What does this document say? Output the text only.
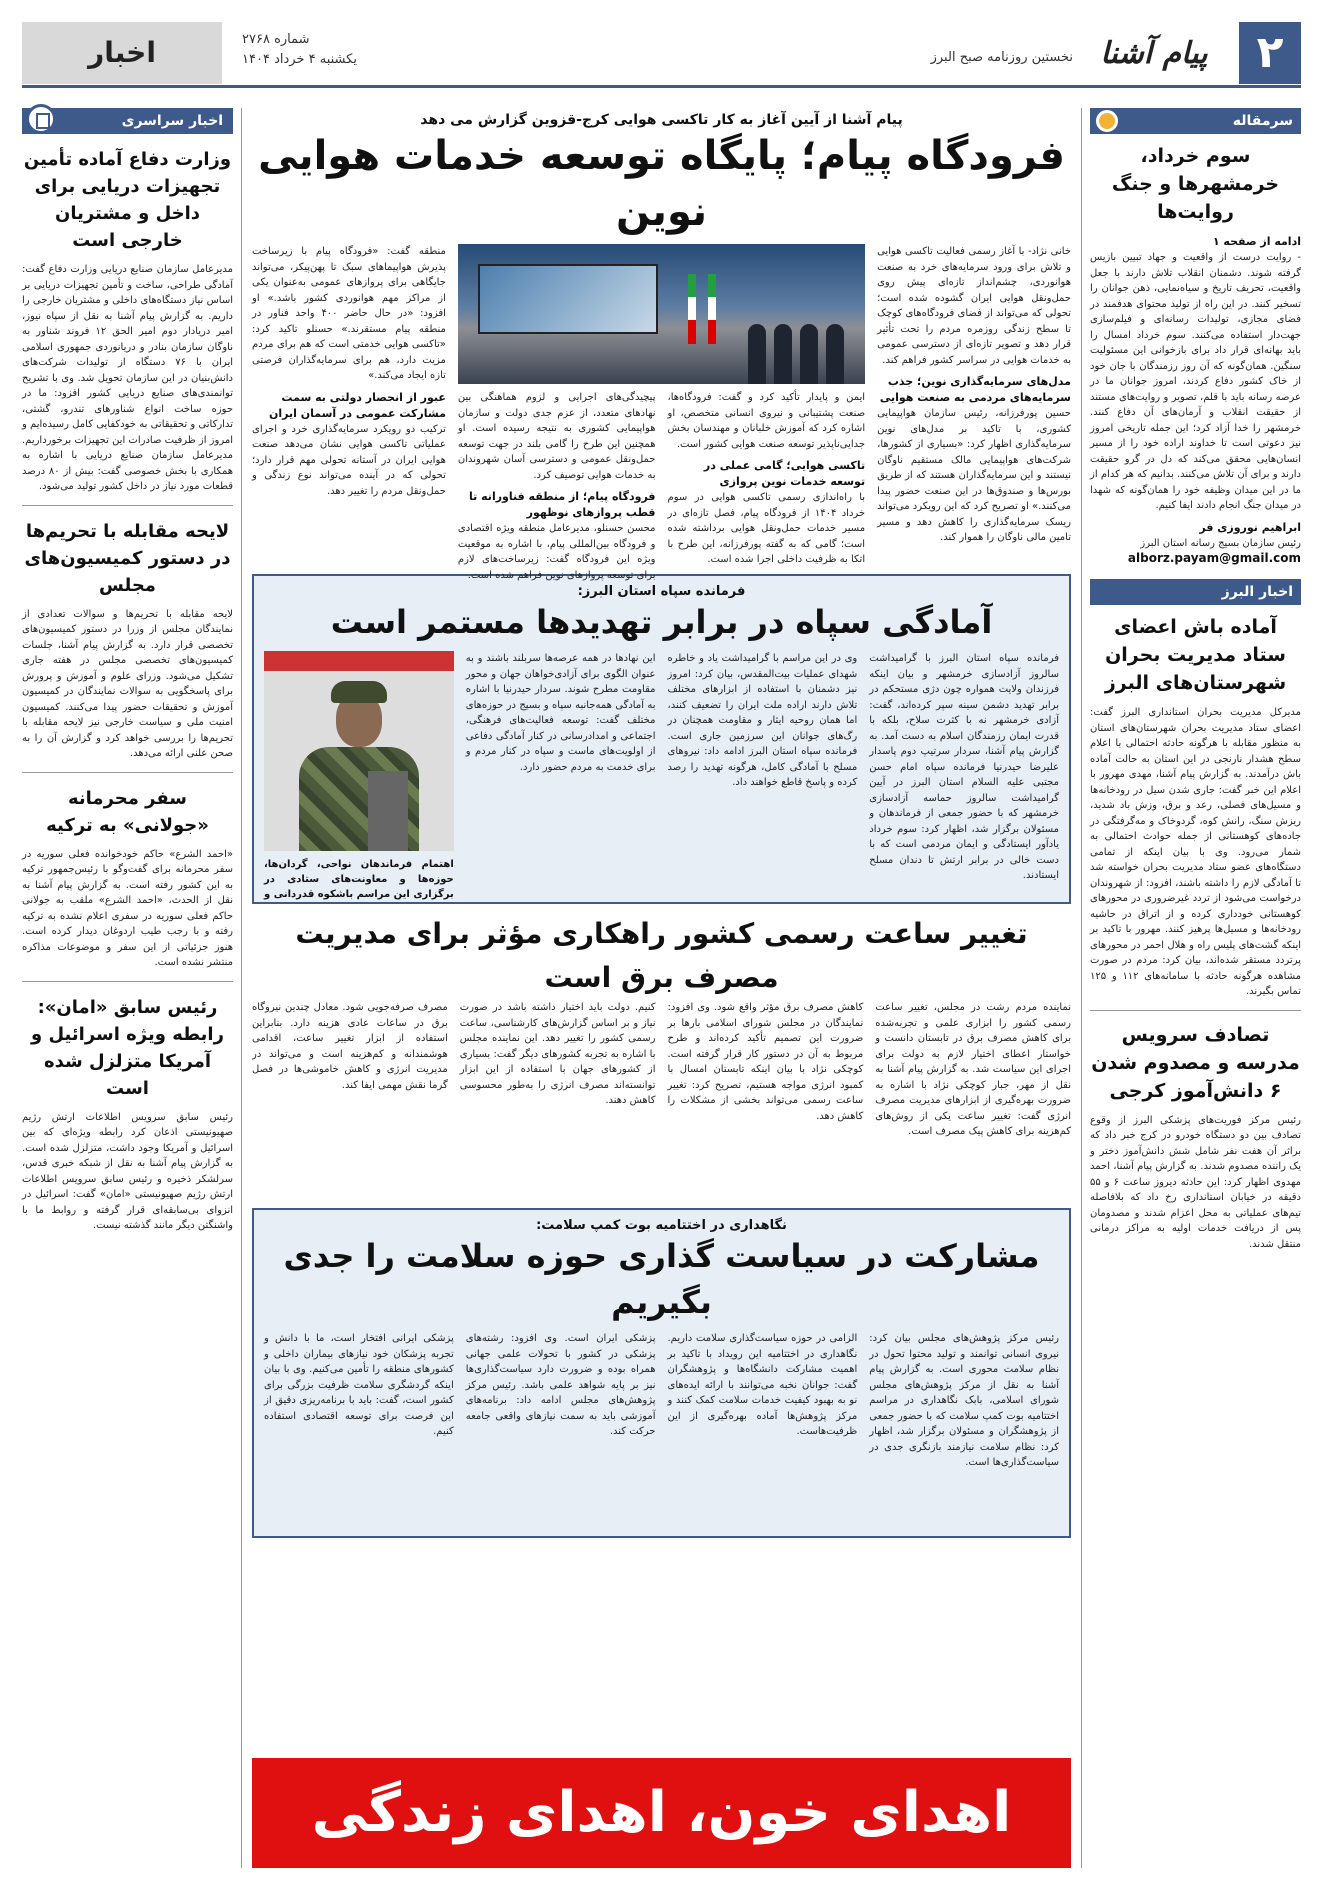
۲
پیام آشنا
نخستین روزنامه صبح البرز
شماره ۲۷۶۸
یکشنبه ۴ خرداد ۱۴۰۴
اخبار
سرمقاله
سوم خرداد، خرمشهرها و جنگ روایت‌ها
ادامه از صفحه ۱
- روایت درست از واقعیت و جهاد تبیین بازیس گرفته شوند. دشمنان انقلاب تلاش دارند با جعل واقعیت، تحریف تاریخ و سیاه‌نمایی، ذهن جوانان را تسخیر کنند. در این راه از تولید محتوای هدفمند در فضای مجازی، تولیدات رسانه‌ای و فیلم‌سازی جهت‌دار استفاده می‌کنند. سوم خرداد امسال را باید بهانه‌ای قرار داد برای بازخوانی این مسئولیت سنگین. همان‌گونه که آن روز رزمندگان با جان خود از خاک کشور دفاع کردند، امروز جوانان ما در عرصه رسانه باید با قلم، تصویر و روایت‌های مستند از حقیقت انقلاب و آرمان‌های آن دفاع کنند. خرمشهر را خدا آزاد کرد؛ این جمله تاریخی امروز نیز دعوتی است تا خداوند اراده خود را از مسیر انسان‌هایی محقق می‌کند که دل در گرو حقیقت دارند و برای آن تلاش می‌کنند. بدانیم که هر کدام از ما در این میدان وظیفه خود را همان‌گونه که شهدا در میدان جنگ انجام دادند ایفا کنیم.
ابراهیم نوروزی فر
رئیس سازمان بسیج رسانه استان البرز
alborz.payam@gmail.com
اخبار البرز
آماده باش اعضای ستاد مدیریت بحران شهرستان‌های البرز
مدیرکل مدیریت بحران استانداری البرز گفت: اعضای ستاد مدیریت بحران شهرستان‌های استان به منظور مقابله با هرگونه حادثه احتمالی با اعلام سطح هشدار نارنجی در این استان به حالت آماده باش درآمدند. به گزارش پیام آشنا، مهدی مهرور با اعلام این خبر گفت: جاری شدن سیل در رودخانه‌ها و مسیل‌های فصلی، رعد و برق، وزش باد شدید، ریزش سنگ، رانش کوه، گردوخاک و مه‌گرفتگی در جاده‌های کوهستانی از جمله حوادث احتمالی به شمار می‌رود. وی با بیان اینکه از تمامی دستگاه‌های عضو ستاد مدیریت بحران خواسته شد تا آمادگی لازم را داشته باشند، افزود: از شهروندان درخواست می‌شود از تردد غیرضروری در محورهای کوهستانی خودداری کرده و از اتراق در حاشیه رودخانه‌ها و مسیل‌ها پرهیز کنند. مهرور با تاکید بر اینکه گشت‌های پلیس راه و هلال احمر در محورهای پرتردد مستقر شده‌اند، بیان کرد: مردم در صورت مشاهده هرگونه حادثه با سامانه‌های ۱۱۲ و ۱۲۵ تماس بگیرند.
تصادف سرویس مدرسه و مصدوم شدن ۶ دانش‌آموز کرجی
رئیس مرکز فوریت‌های پزشکی البرز از وقوع تصادف بین دو دستگاه خودرو در کرج خبر داد که براثر آن هفت نفر شامل شش دانش‌آموز دختر و یک راننده مصدوم شدند. به گزارش پیام آشنا، احمد مهدوی اظهار کرد: این حادثه دیروز ساعت ۶ و ۵۵ دقیقه در خیابان استانداری رخ داد که بلافاصله تیم‌های عملیاتی به محل اعزام شدند و مصدومان پس از دریافت خدمات اولیه به مراکز درمانی منتقل شدند.
اخبار سراسری
وزارت دفاع آماده تأمین تجهیزات دریایی برای داخل و مشتریان خارجی است
مدیرعامل سازمان صنایع دریایی وزارت دفاع گفت: آمادگی طراحی، ساخت و تأمین تجهیزات دریایی بر اساس نیاز دستگاه‌های داخلی و مشتریان خارجی را داریم. به گزارش پیام آشنا به نقل از سپاه نیوز، امیر دریادار دوم امیر الحق ۱۲ فروند شناور به ناوگان سازمان بنادر و دریانوردی جمهوری اسلامی ایران با ۷۶ دستگاه از تولیدات شرکت‌های دانش‌بنیان در این سازمان تحویل شد. وی با تشریح توانمندی‌های صنایع دریایی کشور افزود: ما در حوزه ساخت انواع شناورهای تندرو، گشتی، تدارکاتی و تحقیقاتی به خودکفایی کامل رسیده‌ایم و امروز از ظرفیت صادرات این تجهیزات برخورداریم. مدیرعامل سازمان صنایع دریایی با اشاره به همکاری با بخش خصوصی گفت: بیش از ۸۰ درصد قطعات مورد نیاز در داخل کشور تولید می‌شود.
لایحه مقابله با تحریم‌ها در دستور کمیسیون‌های مجلس
لایحه مقابله با تحریم‌ها و سوالات تعدادی از نمایندگان مجلس از وزرا در دستور کمیسیون‌های تخصصی قرار دارد. به گزارش پیام آشنا، جلسات کمیسیون‌های تخصصی مجلس در هفته جاری تشکیل می‌شود. وزرای علوم و آموزش و پرورش برای پاسخگویی به سوالات نمایندگان در کمیسیون آموزش و تحقیقات حضور پیدا می‌کنند. کمیسیون امنیت ملی و سیاست خارجی نیز لایحه مقابله با تحریم‌ها را بررسی خواهد کرد و گزارش آن را به صحن علنی ارائه می‌دهد.
سفر محرمانه «جولانی» به ترکیه
«احمد الشرع» حاکم خودخوانده فعلی سوریه در سفر محرمانه برای گفت‌وگو با رئیس‌جمهور ترکیه به این کشور رفته است. به گزارش پیام آشنا به نقل از الحدث، «احمد الشرع» ملقب به جولانی حاکم فعلی سوریه در سفری اعلام نشده به ترکیه رفته و با رجب طیب اردوغان دیدار کرده است. هنوز جزئیاتی از این سفر و موضوعات مذاکره منتشر نشده است.
رئیس سابق «امان»: رابطه ویژه اسرائیل و آمریکا متزلزل شده است
رئیس سابق سرویس اطلاعات ارتش رژیم صهیونیستی اذعان کرد رابطه ویژه‌ای که بین اسرائیل و آمریکا وجود داشت، متزلزل شده است. به گزارش پیام آشنا به نقل از شبکه خبری قدس، سرلشکر ذخیره و رئیس سابق سرویس اطلاعات ارتش رژیم صهیونیستی «امان» گفت: اسرائیل در انزوای بی‌سابقه‌ای قرار گرفته و روابط ما با واشنگتن دیگر مانند گذشته نیست.
پیام آشنا از آیین آغاز به کار تاکسی هوایی کرج-قزوین گزارش می دهد
فرودگاه پیام؛ پایگاه توسعه خدمات هوایی نوین
خانی نژاد- با آغاز رسمی فعالیت تاکسی هوایی و تلاش برای ورود سرمایه‌های خرد به صنعت هوانوردی، چشم‌انداز تازه‌ای پیش روی حمل‌ونقل هوایی ایران گشوده شده است؛ تحولی که می‌تواند از فضای فرودگاه‌های کوچک تا سطح زندگی روزمره مردم را تحت تأثیر قرار دهد و تصویر تازه‌ای از دسترسی عمومی به خدمات هوایی در سراسر کشور فراهم کند.
مدل‌های سرمایه‌گذاری نوین؛ جذب سرمایه‌های مردمی به صنعت هوایی
حسین پورفرزانه، رئیس سازمان هواپیمایی کشوری، با تاکید بر مدل‌های نوین سرمایه‌گذاری اظهار کرد: «بسیاری از کشورها، شرکت‌های هواپیمایی مالک مستقیم ناوگان نیستند و این سرمایه‌گذاران هستند که از طریق بورس‌ها و صندوق‌ها در این صنعت حضور پیدا می‌کنند.» او تصریح کرد که این رویکرد می‌تواند ریسک سرمایه‌گذاری را کاهش دهد و مسیر تامین مالی ناوگان را هموار کند.
ایمن و پایدار تأکید کرد و گفت: فرودگاه‌ها، صنعت پشتیبانی و نیروی انسانی متخصص، او اشاره کرد که آموزش خلبانان و مهندسان بخش جدایی‌ناپذیر توسعه صنعت هوایی کشور است.
تاکسی هوایی؛ گامی عملی در توسعه خدمات نوین پروازی
با راه‌اندازی رسمی تاکسی هوایی در سوم خرداد ۱۴۰۴ از فرودگاه پیام، فصل تازه‌ای در مسیر خدمات حمل‌ونقل هوایی برداشته شده است؛ گامی که به گفته پورفرزانه، این طرح با اتکا به ظرفیت داخلی اجرا شده است.
پیچیدگی‌های اجرایی و لزوم هماهنگی بین نهادهای متعدد، از عزم جدی دولت و سازمان هواپیمایی کشوری به نتیجه رسیده است. او همچنین این طرح را گامی بلند در جهت توسعه حمل‌ونقل عمومی و دسترسی آسان شهروندان به خدمات هوایی توصیف کرد.
فرودگاه پیام؛ از منطقه فناورانه تا قطب پروازهای نوظهور
محسن حسنلو، مدیرعامل منطقه ویژه اقتصادی و فرودگاه بین‌المللی پیام، با اشاره به موقعیت ویژه این فرودگاه گفت: زیرساخت‌های لازم برای توسعه پروازهای نوین فراهم شده است.
منطقه گفت: «فرودگاه پیام با زیرساخت پذیرش هواپیماهای سبک تا پهن‌پیکر، می‌تواند جایگاهی برای پروازهای عمومی به‌عنوان یکی از مراکز مهم هوانوردی کشور باشد.» او افزود: «در حال حاضر ۴۰۰ واحد فناور در منطقه پیام مستقرند.» حسنلو تاکید کرد: «تاکسی هوایی خدمتی است که هم برای مردم مزیت دارد، هم برای سرمایه‌گذاران فرصتی تازه ایجاد می‌کند.»
عبور از انحصار دولتی به سمت مشارکت عمومی در آسمان ایران
ترکیب دو رویکرد سرمایه‌گذاری خرد و اجرای عملیاتی تاکسی هوایی نشان می‌دهد صنعت هوایی ایران در آستانه تحولی مهم قرار دارد؛ تحولی که در آینده می‌تواند نوع زندگی و حمل‌ونقل مردم را تغییر دهد.
فرمانده سپاه استان البرز:
آمادگی سپاه در برابر تهدیدها مستمر است
فرمانده سپاه استان البرز با گرامیداشت سالروز آزادسازی خرمشهر و بیان اینکه فرزندان ولایت همواره چون دژی مستحکم در برابر تهدید دشمن سینه سپر کرده‌اند، گفت: آزادی خرمشهر نه با کثرت سلاح، بلکه با قدرت ایمان رزمندگان اسلام به دست آمد. به گزارش پیام آشنا، سردار سرتیپ دوم پاسدار علیرضا حیدرنیا فرمانده سپاه امام حسن مجتبی علیه السلام استان البرز در آیین گرامیداشت سالروز حماسه آزادسازی خرمشهر که با حضور جمعی از فرماندهان و مسئولان برگزار شد، اظهار کرد: سوم خرداد یادآور ایستادگی و ایمان مردمی است که با دست خالی در برابر ارتش تا دندان مسلح ایستادند.
وی در این مراسم با گرامیداشت یاد و خاطره شهدای عملیات بیت‌المقدس، بیان کرد: امروز نیز دشمنان با استفاده از ابزارهای مختلف تلاش دارند اراده ملت ایران را تضعیف کنند، اما همان روحیه ایثار و مقاومت همچنان در رگ‌های جوانان این سرزمین جاری است. فرمانده سپاه استان البرز ادامه داد: نیروهای مسلح با آمادگی کامل، هرگونه تهدید را رصد کرده و پاسخ قاطع خواهند داد.
این نهادها در همه عرصه‌ها سربلند باشند و به عنوان الگوی برای آزادی‌خواهان جهان و محور مقاومت مطرح شوند. سردار حیدرنیا با اشاره به آمادگی همه‌جانبه سپاه و بسیج در حوزه‌های مختلف گفت: توسعه فعالیت‌های فرهنگی، اجتماعی و امداد‌رسانی در کنار آمادگی دفاعی از اولویت‌های ماست و سپاه در کنار مردم و برای خدمت به مردم حضور دارد.
اهتمام فرماندهان نواحی، گردان‌ها، حوزه‌ها و معاونت‌های ستادی در برگزاری این مراسم باشکوه قدردانی و
تغییر ساعت رسمی کشور راهکاری مؤثر برای مدیریت مصرف برق است
نماینده مردم رشت در مجلس، تغییر ساعت رسمی کشور را ابزاری علمی و تجربه‌شده برای کاهش مصرف برق در تابستان دانست و خواستار اعطای اختیار لازم به دولت برای اجرای این سیاست شد. به گزارش پیام آشنا به نقل از مهر، جبار کوچکی نژاد با اشاره به ضرورت بهره‌گیری از ابزارهای مدیریت مصرف انرژی گفت: تغییر ساعت یکی از روش‌های کم‌هزینه برای کاهش پیک مصرف است.
کاهش مصرف برق مؤثر واقع شود. وی افزود: نمایندگان در مجلس شورای اسلامی بارها بر ضرورت این تصمیم تأکید کرده‌اند و طرح مربوط به آن در دستور کار قرار گرفته است. کوچکی نژاد با بیان اینکه تابستان امسال با کمبود انرژی مواجه هستیم، تصریح کرد: تغییر ساعت رسمی می‌تواند بخشی از مشکلات را کاهش دهد.
کنیم. دولت باید اختیار داشته باشد در صورت نیاز و بر اساس گزارش‌های کارشناسی، ساعت رسمی کشور را تغییر دهد. این نماینده مجلس با اشاره به تجربه کشورهای دیگر گفت: بسیاری از کشورهای جهان با استفاده از این ابزار توانسته‌اند مصرف انرژی را به‌طور محسوسی کاهش دهند.
مصرف صرفه‌جویی شود. معادل چندین نیروگاه برق در ساعات عادی هزینه دارد. بنابراین استفاده از ابزار تغییر ساعت، اقدامی هوشمندانه و کم‌هزینه است و می‌تواند در مدیریت انرژی و کاهش خاموشی‌ها در فصل گرما نقش مهمی ایفا کند.
نگاهداری در اختتامیه بوت کمپ سلامت:
مشارکت در سیاست گذاری حوزه سلامت را جدی بگیریم
رئیس مرکز پژوهش‌های مجلس بیان کرد: نیروی انسانی توانمند و تولید محتوا تحول در نظام سلامت محوری است. به گزارش پیام آشنا به نقل از مرکز پژوهش‌های مجلس شورای اسلامی، بابک نگاهداری در مراسم اختتامیه بوت کمپ سلامت که با حضور جمعی از پژوهشگران و مسئولان برگزار شد، اظهار کرد: نظام سلامت نیازمند بازنگری جدی در سیاست‌گذاری‌ها است.
الزامی در حوزه سیاست‌گذاری سلامت داریم. نگاهداری در اختتامیه این رویداد با تاکید بر اهمیت مشارکت دانشگاه‌ها و پژوهشگران گفت: جوانان نخبه می‌توانند با ارائه ایده‌های نو به بهبود کیفیت خدمات سلامت کمک کنند و مرکز پژوهش‌ها آماده بهره‌گیری از این ظرفیت‌هاست.
پزشکی ایران است. وی افزود: رشته‌های پزشکی در کشور با تحولات علمی جهانی همراه بوده و ضرورت دارد سیاست‌گذاری‌ها نیز بر پایه شواهد علمی باشد. رئیس مرکز پژوهش‌های مجلس ادامه داد: برنامه‌های آموزشی باید به سمت نیازهای واقعی جامعه حرکت کند.
پزشکی ایرانی افتخار است، ما با دانش و تجربه پزشکان خود نیازهای بیماران داخلی و کشورهای منطقه را تأمین می‌کنیم. وی با بیان اینکه گردشگری سلامت ظرفیت بزرگی برای کشور است، گفت: باید با برنامه‌ریزی دقیق از این فرصت برای توسعه اقتصادی استفاده کنیم.
اهدای خون، اهدای زندگی
